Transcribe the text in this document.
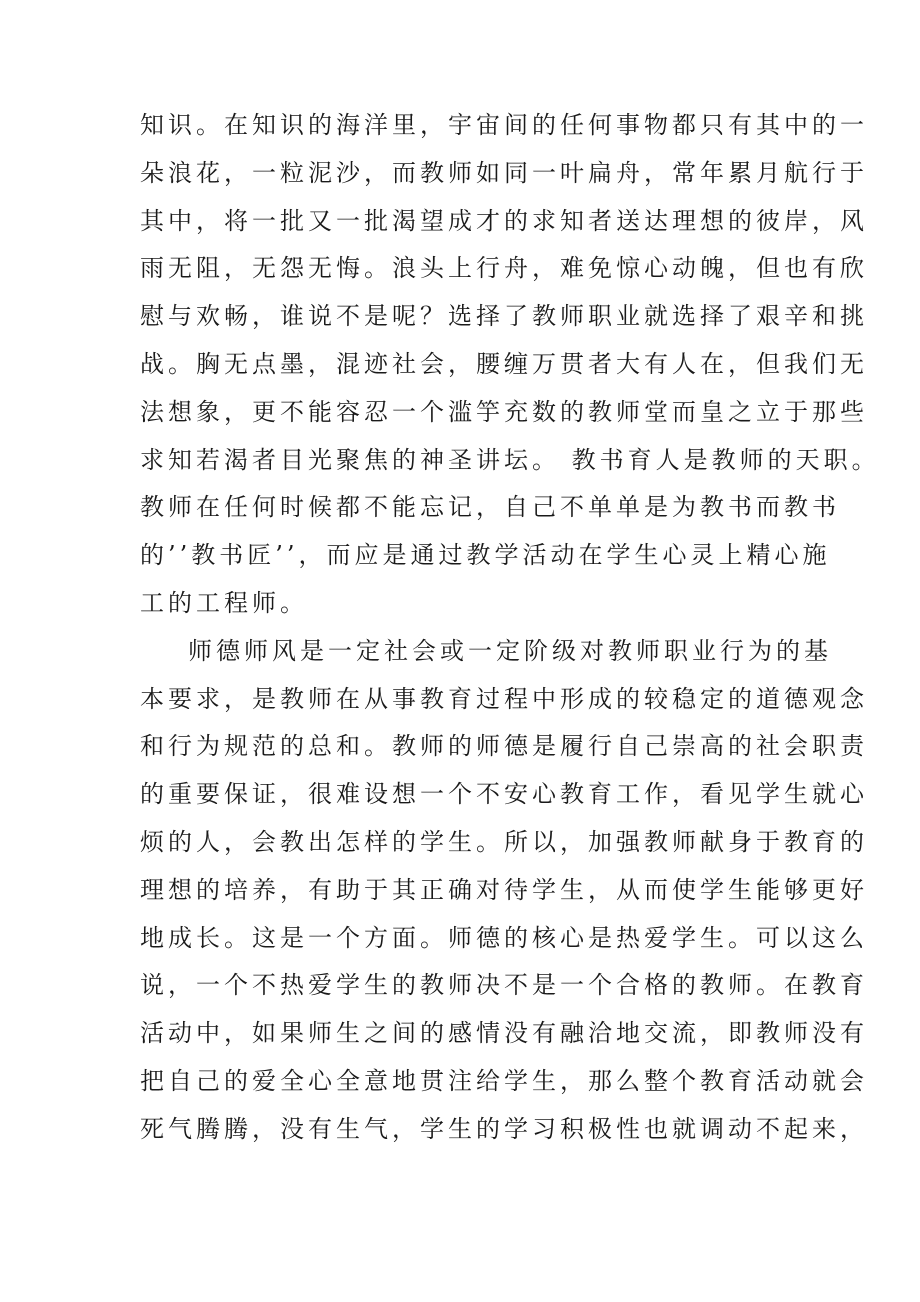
知识。在知识的海洋里，宇宙间的任何事物都只有其中的一
朵浪花，一粒泥沙，而教师如同一叶扁舟，常年累月航行于
其中，将一批又一批渴望成才的求知者送达理想的彼岸，风
雨无阻，无怨无悔。浪头上行舟，难免惊心动魄，但也有欣
慰与欢畅，谁说不是呢？选择了教师职业就选择了艰辛和挑
战。胸无点墨，混迹社会，腰缠万贯者大有人在，但我们无
法想象，更不能容忍一个滥竽充数的教师堂而皇之立于那些
求知若渴者目光聚焦的神圣讲坛。 教书育人是教师的天职。
教师在任何时候都不能忘记，自己不单单是为教书而教书
的’’教书匠’’，而应是通过教学活动在学生心灵上精心施
工的工程师。
师德师风是一定社会或一定阶级对教师职业行为的基
本要求，是教师在从事教育过程中形成的较稳定的道德观念
和行为规范的总和。教师的师德是履行自己崇高的社会职责
的重要保证，很难设想一个不安心教育工作，看见学生就心
烦的人，会教出怎样的学生。所以，加强教师献身于教育的
理想的培养，有助于其正确对待学生，从而使学生能够更好
地成长。这是一个方面。师德的核心是热爱学生。可以这么
说，一个不热爱学生的教师决不是一个合格的教师。在教育
活动中，如果师生之间的感情没有融洽地交流，即教师没有
把自己的爱全心全意地贯注给学生，那么整个教育活动就会
死气腾腾，没有生气，学生的学习积极性也就调动不起来，
